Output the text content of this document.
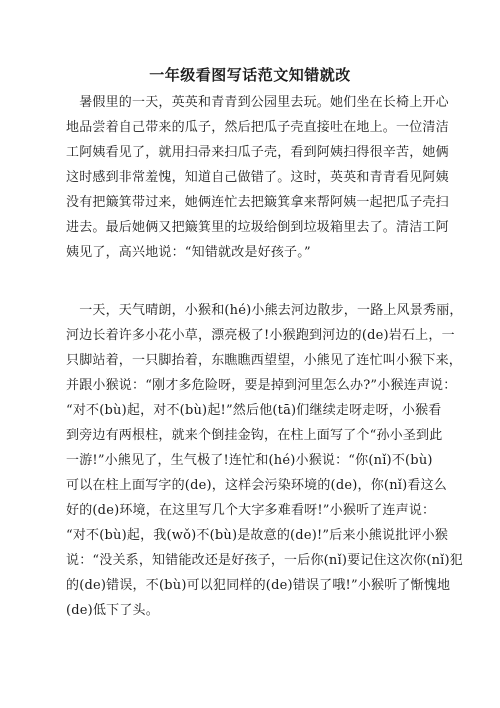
一年级看图写话范文知错就改
　暑假里的一天，英英和青青到公园里去玩。她们坐在长椅上开心
地品尝着自己带来的瓜子，然后把瓜子壳直接吐在地上。一位清洁
工阿姨看见了，就用扫帚来扫瓜子壳，看到阿姨扫得很辛苦，她俩
这时感到非常羞愧，知道自己做错了。这时，英英和青青看见阿姨
没有把簸箕带过来，她俩连忙去把簸箕拿来帮阿姨一起把瓜子壳扫
进去。最后她俩又把簸箕里的垃圾给倒到垃圾箱里去了。清洁工阿
姨见了，高兴地说：“知错就改是好孩子。”
　一天，天气晴朗，小猴和(hé)小熊去河边散步，一路上风景秀丽，
河边长着许多小花小草，漂亮极了!小猴跑到河边的(de)岩石上，一
只脚站着，一只脚抬着，东瞧瞧西望望，小熊见了连忙叫小猴下来，
并跟小猴说：“刚才多危险呀，要是掉到河里怎么办?”小猴连声说：
“对不(bù)起，对不(bù)起!”然后他(tā)们继续走呀走呀，小猴看
到旁边有两根柱，就来个倒挂金钩，在柱上面写了个“孙小圣到此
一游!”小熊见了，生气极了!连忙和(hé)小猴说：“你(nǐ)不(bù)
可以在柱上面写字的(de)，这样会污染环境的(de)，你(nǐ)看这么
好的(de)环境，在这里写几个大字多难看呀!”小猴听了连声说：
“对不(bù)起，我(wǒ)不(bù)是故意的(de)!”后来小熊说批评小猴
说：“没关系，知错能改还是好孩子，一后你(nǐ)要记住这次你(nǐ)犯
的(de)错误，不(bù)可以犯同样的(de)错误了哦!”小猴听了惭愧地
(de)低下了头。
